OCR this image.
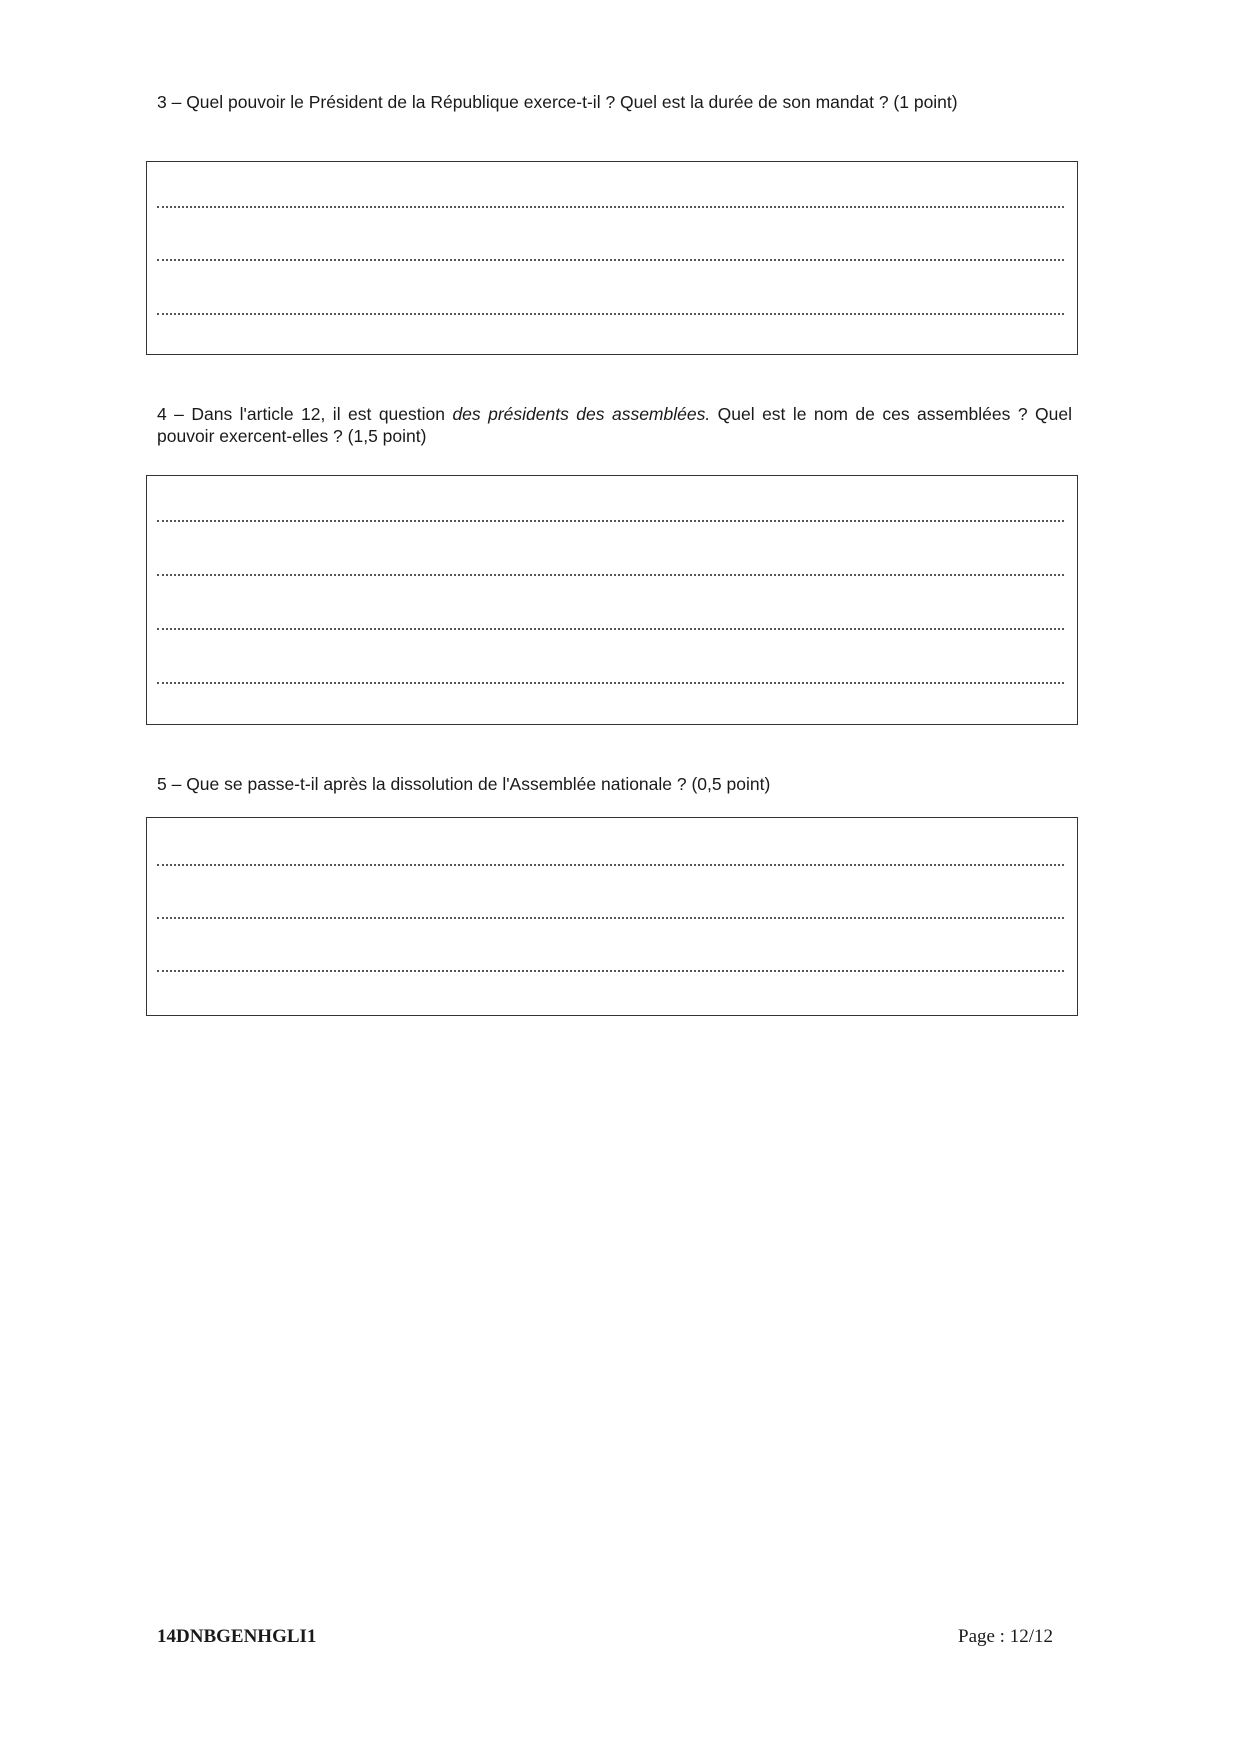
3 – Quel pouvoir le Président de la République exerce-t-il ? Quel est la durée de son mandat ? (1 point)
4 – Dans l'article 12, il est question des présidents des assemblées. Quel est le nom de ces assemblées ? Quel pouvoir exercent-elles ? (1,5 point)
5 – Que se passe-t-il après la dissolution de l'Assemblée nationale ? (0,5 point)
14DNBGENHGLI1	Page : 12/12
